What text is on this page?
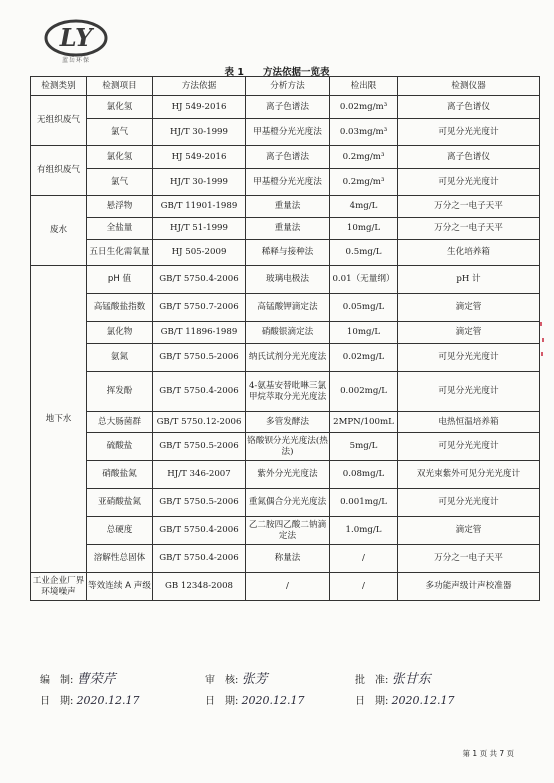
LY
蓝岳环保
表 1　　方法依据一览表
检测类别	检测项目	方法依据	分析方法	检出限	检测仪器
无组织废气	氯化氢	HJ 549-2016	离子色谱法	0.02mg/m³	离子色谱仪
	氯气	HJ/T 30-1999	甲基橙分光光度法	0.03mg/m³	可见分光光度计
有组织废气	氯化氢	HJ 549-2016	离子色谱法	0.2mg/m³	离子色谱仪
	氯气	HJ/T 30-1999	甲基橙分光光度法	0.2mg/m³	可见分光光度计
废水	悬浮物	GB/T 11901-1989	重量法	4mg/L	万分之一电子天平
	全盐量	HJ/T 51-1999	重量法	10mg/L	万分之一电子天平
	五日生化需氧量	HJ 505-2009	稀释与接种法	0.5mg/L	生化培养箱
地下水	pH 值	GB/T 5750.4-2006	玻璃电极法	0.01（无量纲）	pH 计
	高锰酸盐指数	GB/T 5750.7-2006	高锰酸钾滴定法	0.05mg/L	滴定管
	氯化物	GB/T 11896-1989	硝酸银滴定法	10mg/L	滴定管
	氨氮	GB/T 5750.5-2006	纳氏试剂分光光度法	0.02mg/L	可见分光光度计
	挥发酚	GB/T 5750.4-2006	4-氨基安替吡啉三氯甲烷萃取分光光度法	0.002mg/L	可见分光光度计
	总大肠菌群	GB/T 5750.12-2006	多管发酵法	2MPN/100mL	电热恒温培养箱
	硫酸盐	GB/T 5750.5-2006	铬酸钡分光光度法(热法)	5mg/L	可见分光光度计
	硝酸盐氮	HJ/T 346-2007	紫外分光光度法	0.08mg/L	双光束紫外可见分光光度计
	亚硝酸盐氮	GB/T 5750.5-2006	重氮偶合分光光度法	0.001mg/L	可见分光光度计
	总硬度	GB/T 5750.4-2006	乙二胺四乙酸二钠滴定法	1.0mg/L	滴定管
	溶解性总固体	GB/T 5750.4-2006	称量法	/	万分之一电子天平
工业企业厂界环境噪声	等效连续 A 声级	GB 12348-2008	/	/	多功能声级计声校准器
编　制: 曹荣芹	审　核: 张芳	批　准: 张甘东
日　期: 2020.12.17	日　期: 2020.12.17	日　期: 2020.12.17
第 1 页 共 7 页
